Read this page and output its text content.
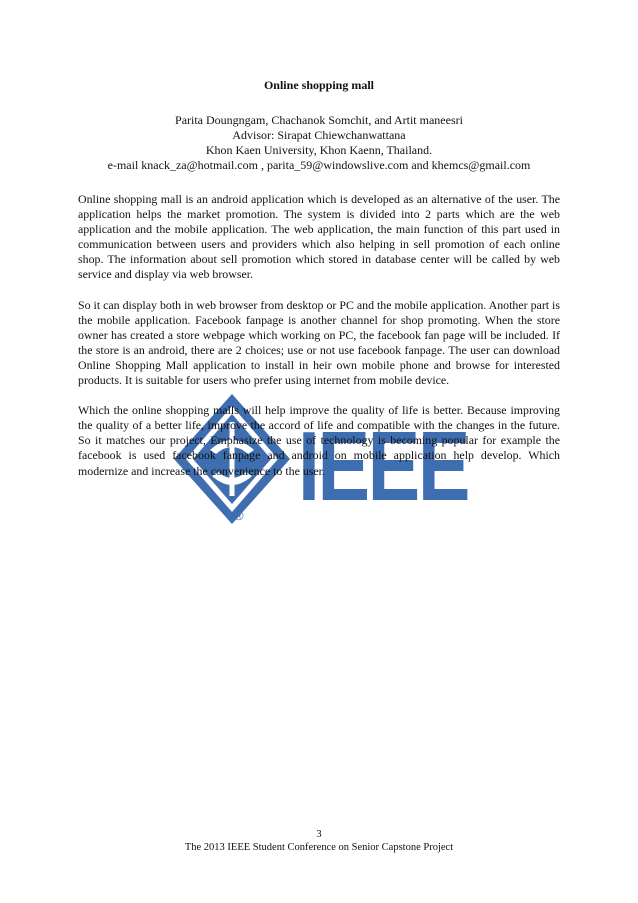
IEEE
®
Online shopping mall
Parita Doungngam, Chachanok Somchit, and Artit maneesri
Advisor: Sirapat Chiewchanwattana
Khon Kaen University, Khon Kaenn, Thailand.
e-mail knack_za@hotmail.com , parita_59@windowslive.com and khemcs@gmail.com

Online shopping mall is an android application which is developed as an alternative of the user. The application helps the market promotion. The system is divided into 2 parts which are the web application and the mobile application. The web application, the main function of this part used in communication between users and providers which also helping in sell promotion of each online shop. The information about sell promotion which stored in database center will be called by web service and display via web browser.

So it can display both in web browser from desktop or PC and the mobile application. Another part is the mobile application. Facebook fanpage is another channel for shop promoting. When the store owner has created a store webpage which working on PC, the facebook fan page will be included. If the store is an android, there are 2 choices; use or not use facebook fanpage. The user can download Online Shopping Mall application to install in heir own mobile phone and browse for interested products. It is suitable for users who prefer using internet from mobile device.

Which the online shopping malls will help improve the quality of life is better. Because improving the quality of a better life, improve the accord of life and compatible with the changes in the future. So it matches our project, Emphasize the use of technology is becoming popular for example the facebook is used facebook fanpage and android on mobile application help develop. Which modernize and increase the convenience to the user.

3
The 2013 IEEE Student Conference on Senior Capstone Project
